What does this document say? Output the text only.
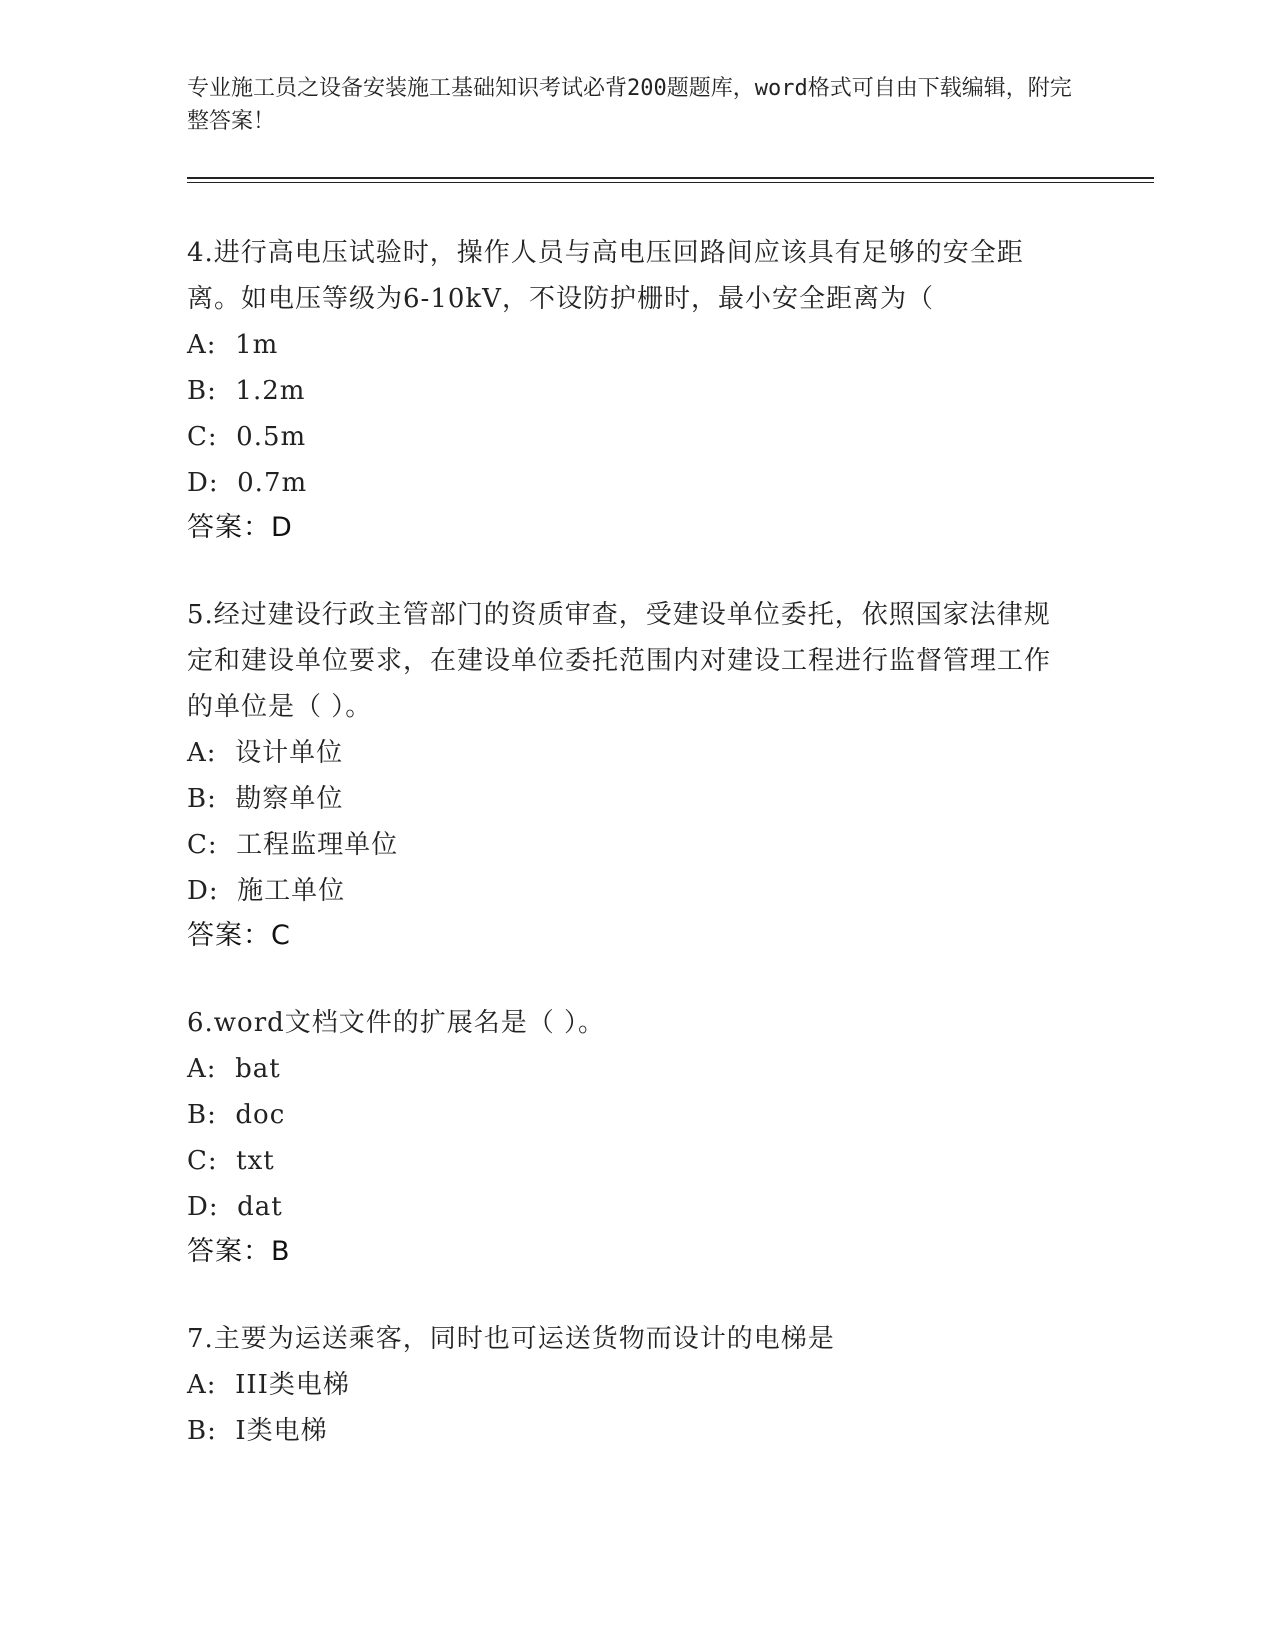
专业施工员之设备安装施工基础知识考试必背200题题库，word格式可自由下载编辑，附完整答案！

4.进行高电压试验时，操作人员与高电压回路间应该具有足够的安全距离。如电压等级为6-10kV，不设防护栅时，最小安全距离为（

A:  1m

B:  1.2m

C:  0.5m

D:  0.7m

答案：D

5.经过建设行政主管部门的资质审查，受建设单位委托，依照国家法律规定和建设单位要求，在建设单位委托范围内对建设工程进行监督管理工作的单位是（ ）。

A:  设计单位

B:  勘察单位

C:  工程监理单位

D:  施工单位

答案：C

6.word文档文件的扩展名是（ ）。

A:  bat

B:  doc

C:  txt

D:  dat

答案：B

7.主要为运送乘客，同时也可运送货物而设计的电梯是

A:  III类电梯

B:  I类电梯
